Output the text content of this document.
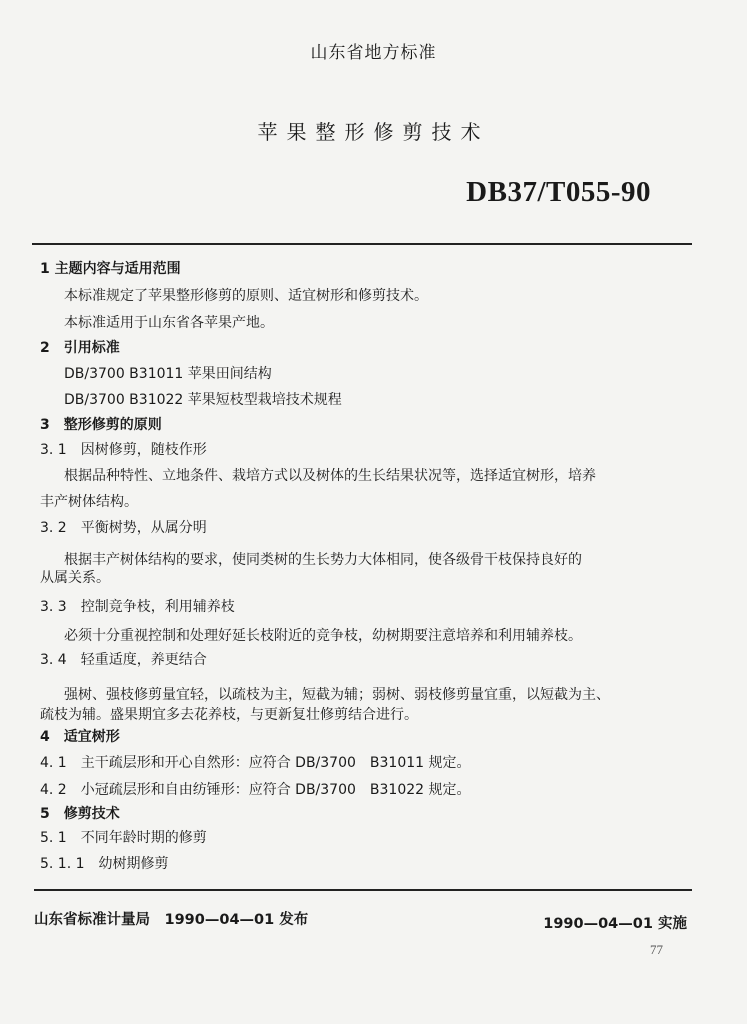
山东省地方标准
苹果整形修剪技术
DB37/T055-90
1 主题内容与适用范围
本标准规定了苹果整形修剪的原则、适宜树形和修剪技术。
本标准适用于山东省各苹果产地。
2　引用标准
DB/3700 B31011 苹果田间结构
DB/3700 B31022 苹果短枝型栽培技术规程
3　整形修剪的原则
3. 1　因树修剪，随枝作形
根据品种特性、立地条件、栽培方式以及树体的生长结果状况等，选择适宜树形，培养
丰产树体结构。
3. 2　平衡树势，从属分明
根据丰产树体结构的要求，使同类树的生长势力大体相同，使各级骨干枝保持良好的
从属关系。
3. 3　控制竞争枝，利用辅养枝
必须十分重视控制和处理好延长枝附近的竞争枝，幼树期要注意培养和利用辅养枝。
3. 4　轻重适度，养更结合
强树、强枝修剪量宜轻，以疏枝为主，短截为辅；弱树、弱枝修剪量宜重，以短截为主、
疏枝为辅。盛果期宜多去花养枝，与更新复壮修剪结合进行。
4　适宜树形
4. 1　主干疏层形和开心自然形：应符合 DB/3700　B31011 规定。
4. 2　小冠疏层形和自由纺锤形：应符合 DB/3700　B31022 规定。
5　修剪技术
5. 1　不同年龄时期的修剪
5. 1. 1　幼树期修剪
山东省标准计量局　1990—04—01 发布	1990—04—01 实施
77
